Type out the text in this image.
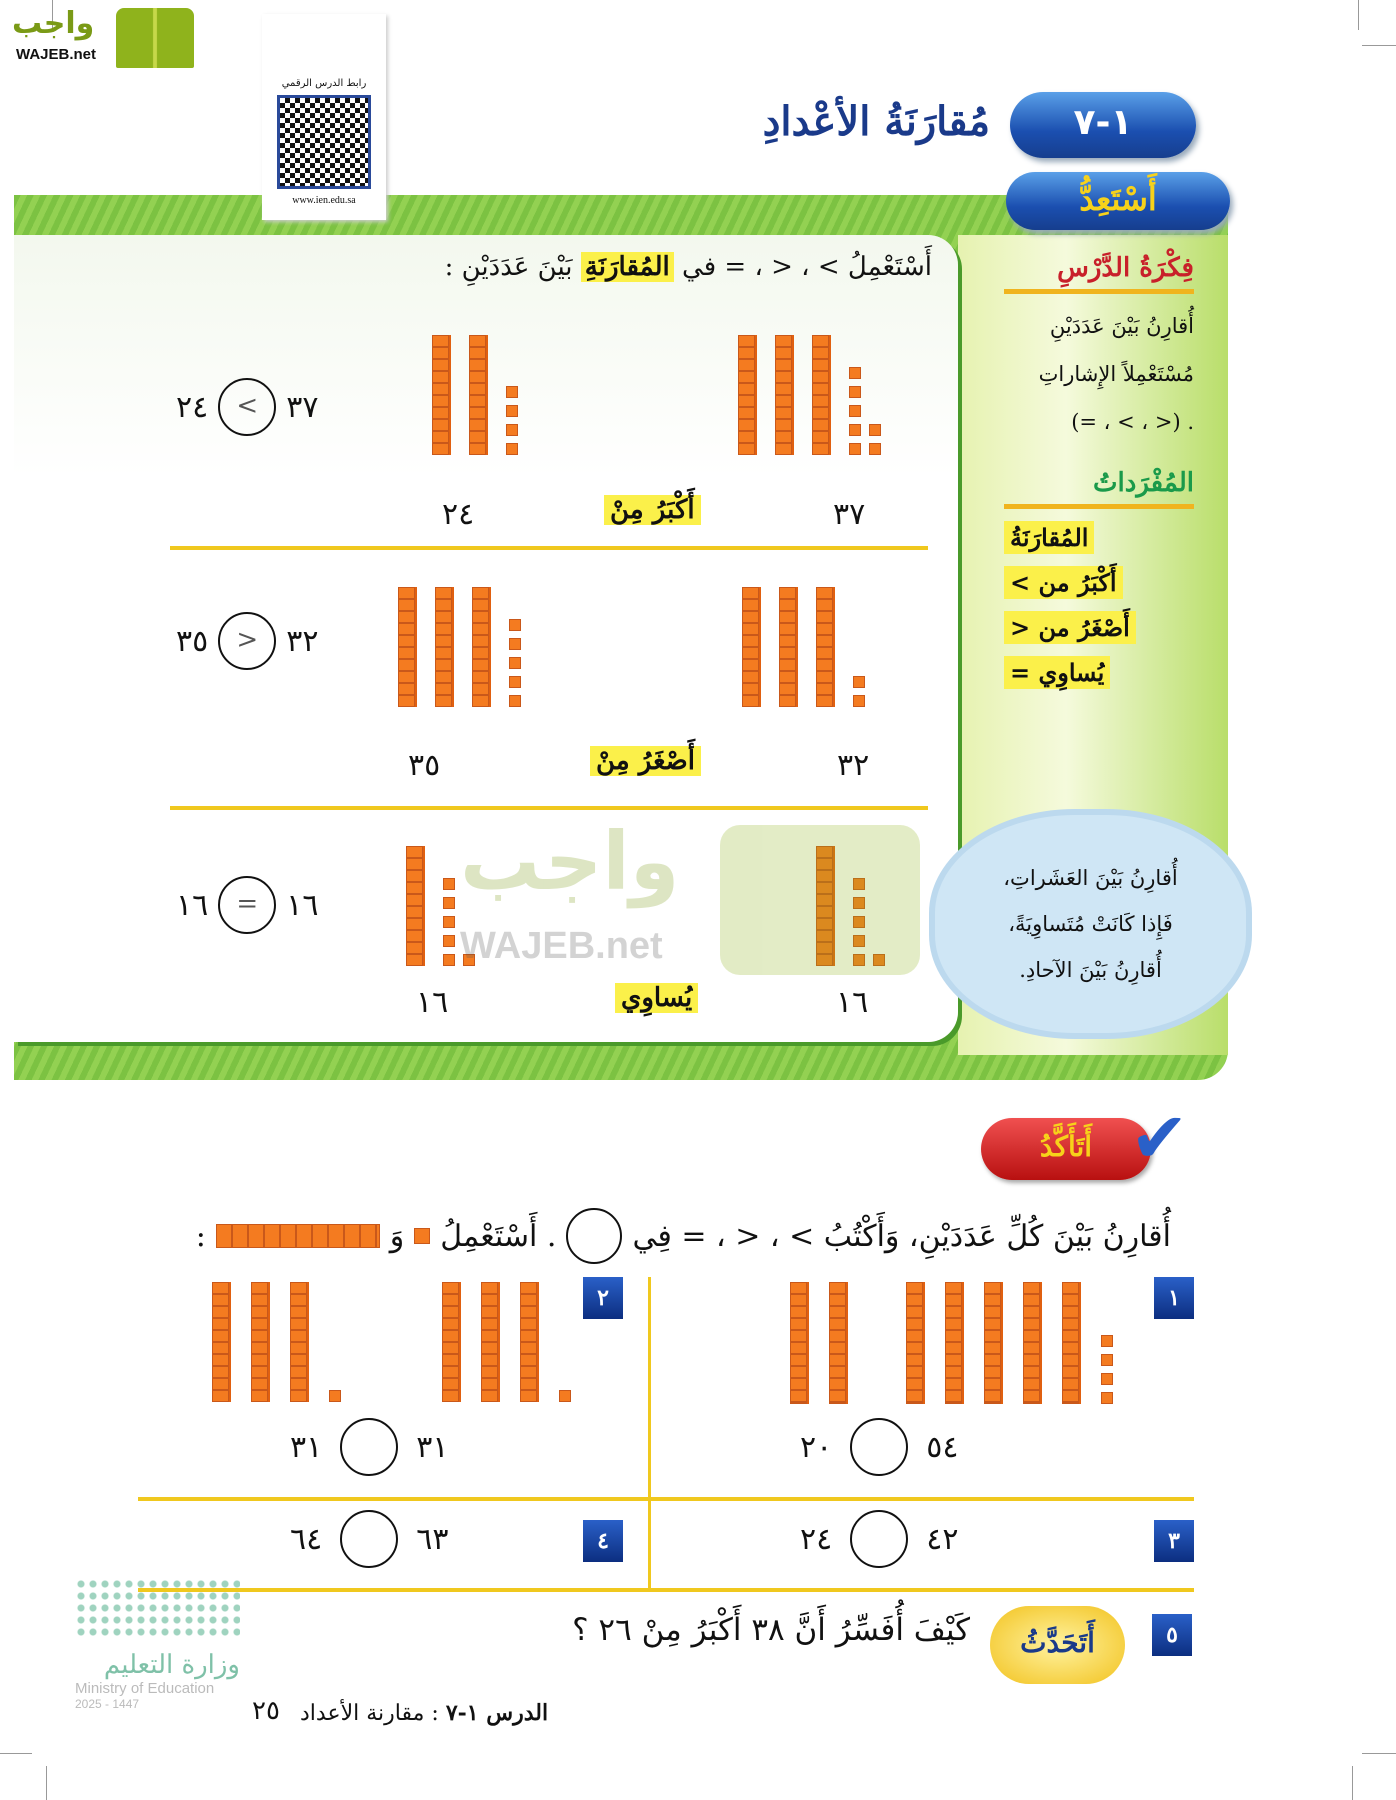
واجب
WAJEB.net
فِكْرَةُ الدَّرْسِ
أُقارِنُ بَيْنَ عَدَدَيْنِ
مُسْتَعْمِلاً الإِشاراتِ
. (< ، > ، =)
المُفْرَداتُ
المُقارَنَةُ
أَكْبَرُ من >
أَصْغَرُ من <
يُساوِي =
رابط الدرس الرقمي
www.ien.edu.sa
مُقارَنَةُ الأعْدادِ	١-٧
أَسْتَعِدُّ
أَسْتَعْمِلُ > ، < ، = في المُقارَنَةِ بَيْنَ عَدَدَيْنِ :
٣٧
٢٤	أَكْبَرُ مِنْ
٢٤	< ٣٧
٣٢
٣٥	أَصْغَرُ مِنْ
٣٥	> ٣٢
١٦
١٦	يُساوِي
١٦	= ١٦ واجب
WAJEB.net
أُقارِنُ بَيْنَ العَشَراتِ،
فَإِذا كَانَتْ مُتَساوِيَةً،
أُقارِنُ بَيْنَ الآحادِ.
أَتَأَكَّدُ ✔
أُقارِنُ بَيْنَ كُلِّ عَدَدَيْنِ، وَأَكْتُبُ > ، < ، = فِي
. أَسْتَعْمِلُ
وَ
:
١
٢٠	٥٤
٢
٣١	٣١
٣
٢٤	٤٢
٤
٦٤	٦٣
٥
أَتَحَدَّثُ
كَيْفَ أُفَسِّرُ أَنَّ ٣٨ أَكْبَرُ مِنْ ٢٦ ؟
وزارة التعليم
Ministry of Education
2025 - 1447	الدرس ١-٧ : مقارنة الأعداد
٢٥
